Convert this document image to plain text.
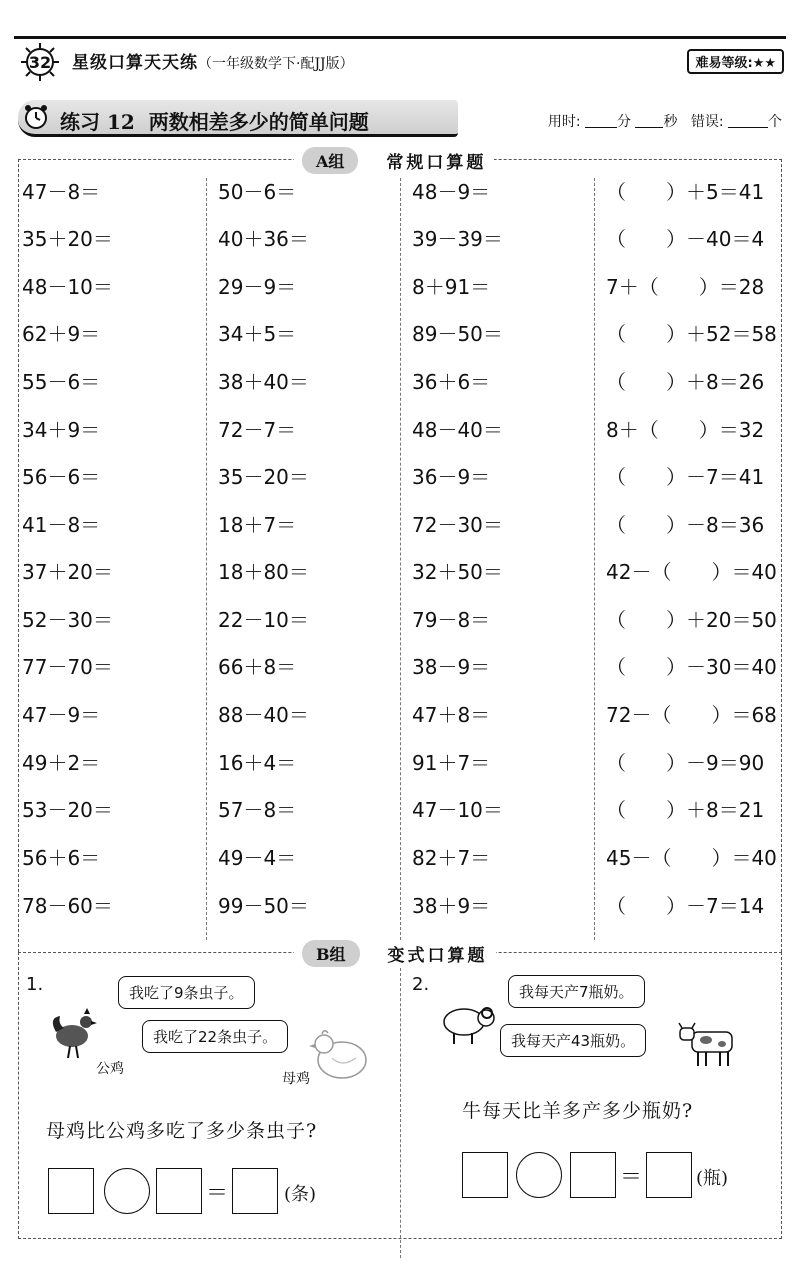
32 星级口算天天练（一年级数学下·配JJ版）	难易等级:★★
练习 12 两数相差多少的简单问题	用时:	分 秒 错误:	个
A组	常规口算题
47－8＝	50－6＝	48－9＝	（　　）＋5＝41
35＋20＝	40＋36＝	39－39＝	（　　）－40＝4
48－10＝	29－9＝	8＋91＝	7＋（　　）＝28
62＋9＝	34＋5＝	89－50＝	（　　）＋52＝58
55－6＝	38＋40＝	36＋6＝	（　　）＋8＝26
34＋9＝	72－7＝	48－40＝	8＋（　　）＝32
56－6＝	35－20＝	36－9＝	（　　）－7＝41
41－8＝	18＋7＝	72－30＝	（　　）－8＝36
37＋20＝	18＋80＝	32＋50＝	42－（　　）＝40
52－30＝	22－10＝	79－8＝	（　　）＋20＝50
77－70＝	66＋8＝	38－9＝	（　　）－30＝40
47－9＝	88－40＝	47＋8＝	72－（　　）＝68
49＋2＝	16＋4＝	91＋7＝	（　　）－9＝90
53－20＝	57－8＝	47－10＝	（　　）＋8＝21
56＋6＝	49－4＝	82＋7＝	45－（　　）＝40
78－60＝	99－50＝	38＋9＝	（　　）－7＝14
B组	变式口算题
1.	我吃了9条虫子。
我吃了22条虫子。
公鸡
母鸡
母鸡比公鸡多吃了多少条虫子?
＝	(条)
2.	我每天产7瓶奶。
我每天产43瓶奶。
牛每天比羊多产多少瓶奶?
＝	(瓶)
